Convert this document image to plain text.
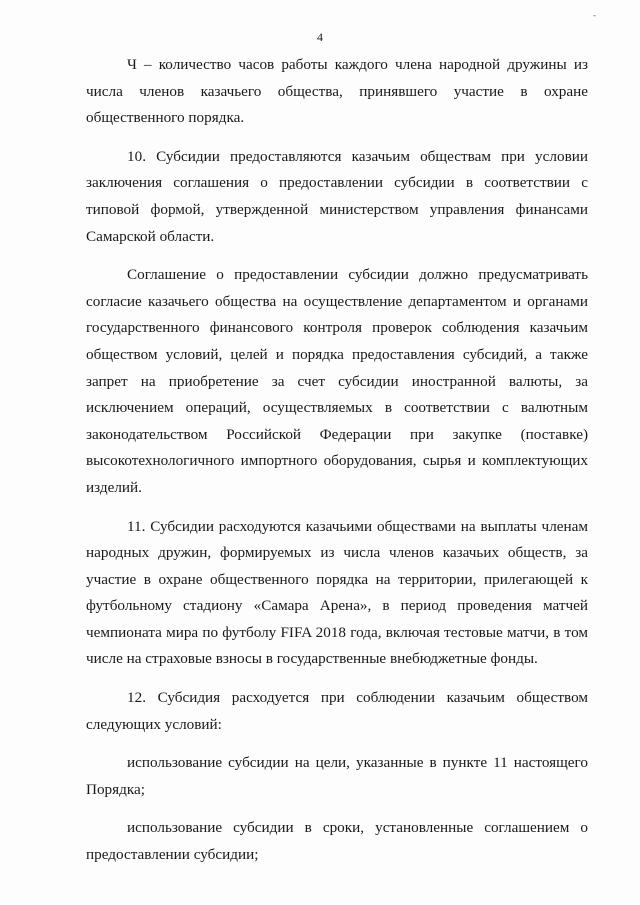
-
4

Ч – количество часов работы каждого члена народной дружины из числа членов казачьего общества, принявшего участие в охране общественного порядка.

10. Субсидии предоставляются казачьим обществам при условии заключения соглашения о предоставлении субсидии в соответствии с типовой формой, утвержденной министерством управления финансами Самарской области.

Соглашение о предоставлении субсидии должно предусматривать согласие казачьего общества на осуществление департаментом и органами государственного финансового контроля проверок соблюдения казачьим обществом условий, целей и порядка предоставления субсидий, а также запрет на приобретение за счет субсидии иностранной валюты, за исключением операций, осуществляемых в соответствии с валютным законодательством Российской Федерации при закупке (поставке) высокотехнологичного импортного оборудования, сырья и комплектующих изделий.

11. Субсидии расходуются казачьими обществами на выплаты членам народных дружин, формируемых из числа членов казачьих обществ, за участие в охране общественного порядка на территории, прилегающей к футбольному стадиону «Самара Арена», в период проведения матчей чемпионата мира по футболу FIFA 2018 года, включая тестовые матчи, в том числе на страховые взносы в государственные внебюджетные фонды.

12. Субсидия расходуется при соблюдении казачьим обществом следующих условий:

использование субсидии на цели, указанные в пункте 11 настоящего Порядка;

использование субсидии в сроки, установленные соглашением о предоставлении субсидии;
